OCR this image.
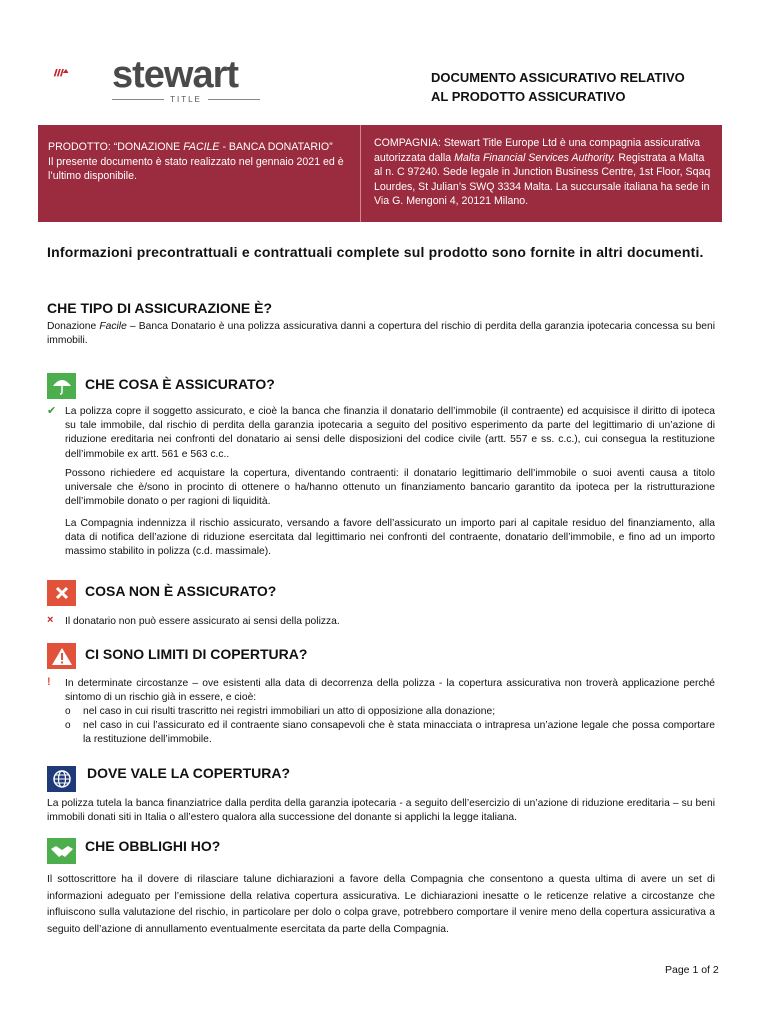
stewart
TITLE
DOCUMENTO ASSICURATIVO RELATIVO
AL PRODOTTO ASSICURATIVO
PRODOTTO: “DONAZIONE FACILE - BANCA DONATARIO”
Il presente documento è stato realizzato nel gennaio 2021 ed è l’ultimo disponibile.
COMPAGNIA: Stewart Title Europe Ltd è una compagnia assicurativa autorizzata dalla Malta Financial Services Authority. Registrata a Malta al n. C 97240. Sede legale in Junction Business Centre, 1st Floor, Sqaq Lourdes, St Julian’s SWQ 3334 Malta. La succursale italiana ha sede in Via G. Mengoni 4, 20121 Milano.
Informazioni precontrattuali e contrattuali complete sul prodotto sono fornite in altri documenti.
CHE TIPO DI ASSICURAZIONE È?
Donazione Facile – Banca Donatario è una polizza assicurativa danni a copertura del rischio di perdita della garanzia ipotecaria concessa su beni immobili.
CHE COSA È ASSICURATO?
✔ La polizza copre il soggetto assicurato, e cioè la banca che finanzia il donatario dell’immobile (il contraente) ed acquisisce il diritto di ipoteca su tale immobile, dal rischio di perdita della garanzia ipotecaria a seguito del positivo esperimento da parte del legittimario di un’azione di riduzione ereditaria nei confronti del donatario ai sensi delle disposizioni del codice civile (artt. 557 e ss. c.c.), cui consegua la restituzione dell’immobile ex artt. 561 e 563 c.c..
Possono richiedere ed acquistare la copertura, diventando contraenti: il donatario legittimario dell’immobile o suoi aventi causa a titolo universale che è/sono in procinto di ottenere o ha/hanno ottenuto un finanziamento bancario garantito da ipoteca per la ristrutturazione dell’immobile donato o per ragioni di liquidità.
La Compagnia indennizza il rischio assicurato, versando a favore dell’assicurato un importo pari al capitale residuo del finanziamento, alla data di notifica dell’azione di riduzione esercitata dal legittimario nei confronti del contraente, donatario dell’immobile, e fino ad un importo massimo stabilito in polizza (c.d. massimale).
COSA NON È ASSICURATO?
× Il donatario non può essere assicurato ai sensi della polizza.
CI SONO LIMITI DI COPERTURA?
! In determinate circostanze – ove esistenti alla data di decorrenza della polizza - la copertura assicurativa non troverà applicazione perché sintomo di un rischio già in essere, e cioè:
o nel caso in cui risulti trascritto nei registri immobiliari un atto di opposizione alla donazione;
o nel caso in cui l’assicurato ed il contraente siano consapevoli che è stata minacciata o intrapresa un’azione legale che possa comportare la restituzione dell’immobile.
DOVE VALE LA COPERTURA?
La polizza tutela la banca finanziatrice dalla perdita della garanzia ipotecaria - a seguito dell’esercizio di un’azione di riduzione ereditaria – su beni immobili donati siti in Italia o all’estero qualora alla successione del donante si applichi la legge italiana.
CHE OBBLIGHI HO?
Il sottoscrittore ha il dovere di rilasciare talune dichiarazioni a favore della Compagnia che consentono a questa ultima di avere un set di informazioni adeguato per l’emissione della relativa copertura assicurativa. Le dichiarazioni inesatte o le reticenze relative a circostanze che influiscono sulla valutazione del rischio, in particolare per dolo o colpa grave, potrebbero comportare il venire meno della copertura assicurativa a seguito dell’azione di annullamento eventualmente esercitata da parte della Compagnia.
Page 1 of 2
